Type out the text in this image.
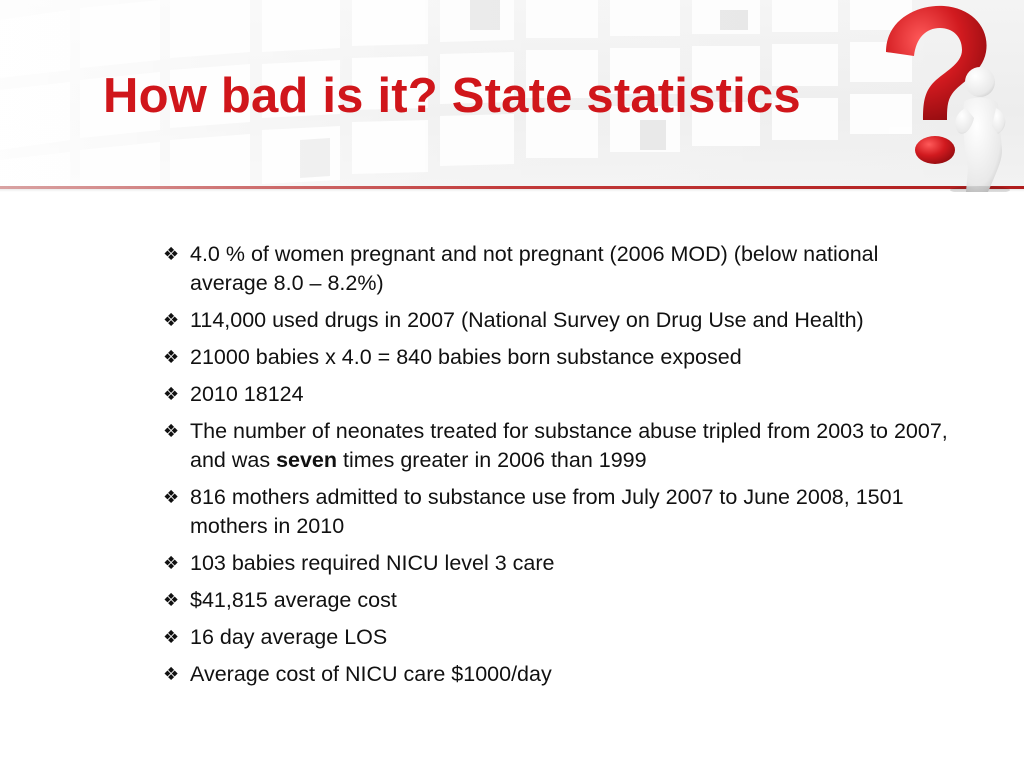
How bad is it? State statistics
❖ 4.0 % of women pregnant and not pregnant (2006 MOD) (below national average 8.0 – 8.2%)
❖ 114,000 used drugs in 2007 (National Survey on Drug Use and Health)
❖ 21000 babies x 4.0 = 840 babies born substance exposed
❖ 2010 18124
❖ The number of neonates treated for substance abuse tripled from 2003 to 2007, and was seven times greater in 2006 than 1999
❖ 816 mothers admitted to substance use from July 2007 to June 2008, 1501 mothers in 2010
❖ 103 babies required NICU level 3 care
❖ $41,815 average cost
❖ 16 day average LOS
❖ Average cost of NICU care $1000/day
